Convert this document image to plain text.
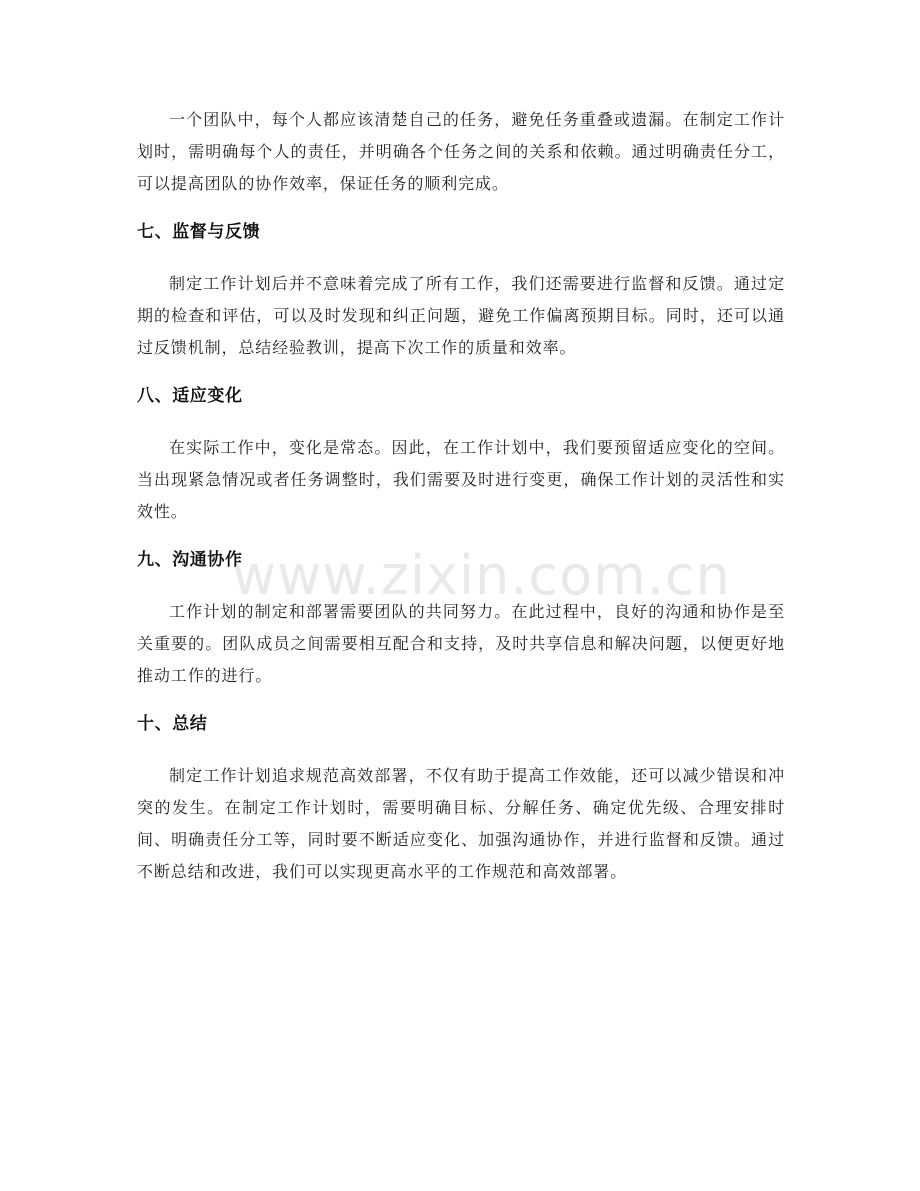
www.zixin.com.cn

一个团队中，每个人都应该清楚自己的任务，避免任务重叠或遗漏。在制定工作计划时，需明确每个人的责任，并明确各个任务之间的关系和依赖。通过明确责任分工，可以提高团队的协作效率，保证任务的顺利完成。

七、监督与反馈

制定工作计划后并不意味着完成了所有工作，我们还需要进行监督和反馈。通过定期的检查和评估，可以及时发现和纠正问题，避免工作偏离预期目标。同时，还可以通过反馈机制，总结经验教训，提高下次工作的质量和效率。

八、适应变化

在实际工作中，变化是常态。因此，在工作计划中，我们要预留适应变化的空间。当出现紧急情况或者任务调整时，我们需要及时进行变更，确保工作计划的灵活性和实效性。

九、沟通协作

工作计划的制定和部署需要团队的共同努力。在此过程中，良好的沟通和协作是至关重要的。团队成员之间需要相互配合和支持，及时共享信息和解决问题，以便更好地推动工作的进行。

十、总结

制定工作计划追求规范高效部署，不仅有助于提高工作效能，还可以减少错误和冲突的发生。在制定工作计划时，需要明确目标、分解任务、确定优先级、合理安排时间、明确责任分工等，同时要不断适应变化、加强沟通协作，并进行监督和反馈。通过不断总结和改进，我们可以实现更高水平的工作规范和高效部署。
